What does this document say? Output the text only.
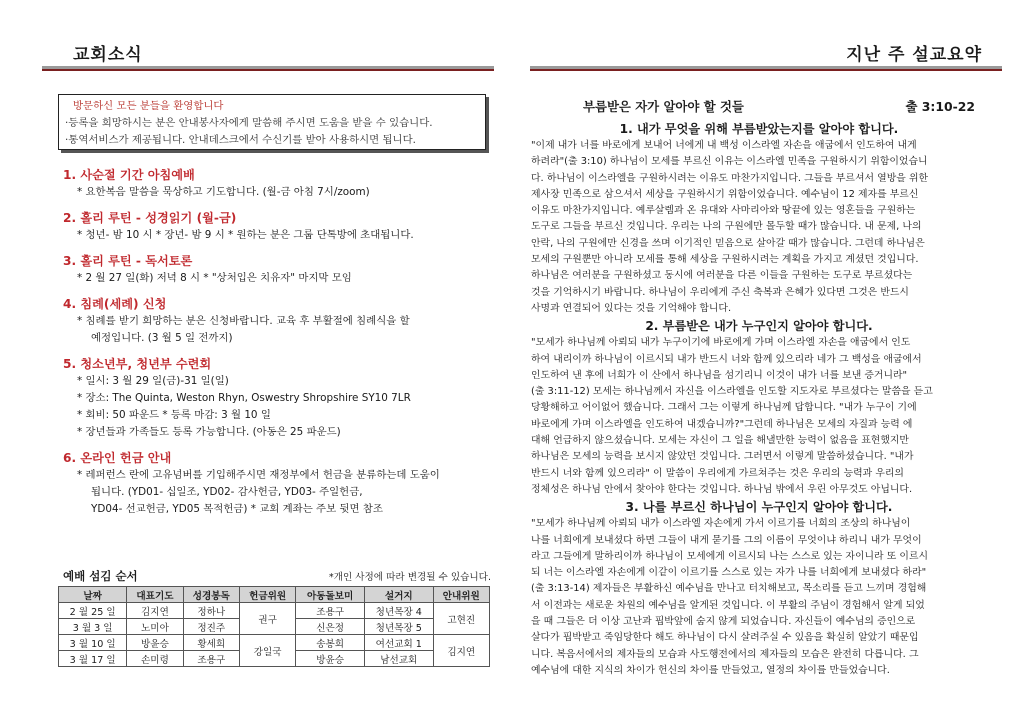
교회소식
방문하신 모든 분들을 환영합니다
·등록을 희망하시는 분은 안내봉사자에게 말씀해 주시면 도움을 받을 수 있습니다.
·통역서비스가 제공됩니다. 안내데스크에서 수신기를 받아 사용하시면 됩니다.
1. 사순절 기간 아침예배
* 요한복음 말씀을 묵상하고 기도합니다. (월-금 아침 7시/zoom)
2. 홀리 루틴 - 성경읽기 (월-금)
* 청년- 밤 10 시 * 장년- 밤 9 시 * 원하는 분은 그룹 단톡방에 초대됩니다.
3. 홀리 루틴 - 독서토론
* 2 월 27 일(화) 저녁 8 시 * "상처입은 치유자" 마지막 모임
4. 침례(세례) 신청
* 침례를 받기 희망하는 분은 신청바랍니다. 교육 후 부활절에 침례식을 할
예정입니다. (3 월 5 일 전까지)
5. 청소년부, 청년부 수련회
* 일시: 3 월 29 일(금)-31 일(일)
* 장소: The Quinta, Weston Rhyn, Oswestry Shropshire SY10 7LR
* 회비: 50 파운드 * 등록 마감: 3 월 10 일
* 장년들과 가족들도 등록 가능합니다. (아동은 25 파운드)
6. 온라인 헌금 안내
* 레퍼런스 란에 고유넘버를 기입해주시면 재정부에서 헌금을 분류하는데 도움이
됩니다. (YD01- 십일조, YD02- 감사헌금, YD03- 주일헌금,
YD04- 선교헌금, YD05 목적헌금) * 교회 계좌는 주보 뒷면 참조
예배 섬김 순서	*개인 사정에 따라 변경될 수 있습니다.
날짜	대표기도	성경봉독	헌금위원	아동돌보미	설거지	안내위원
2 월 25 일	김지연	정하나	권구	조용구	청년목장 4	고현진
3 월 3 일	노미아	정진주		신은정	청년목장 5	
3 월 10 일	방윤승	황세희	강일국	송봉희	여선교회 1	김지연
3 월 17 일	손미령	조용구		방윤승	남선교회	
지난 주 설교요약
부름받은 자가 알아야 할 것들	출 3:10-22
1. 내가 무엇을 위해 부름받았는지를 알아야 합니다.
"이제 내가 너를 바로에게 보내어 너에게 내 백성 이스라엘 자손을 애굽에서 인도하여 내게
하려라"(출 3:10) 하나님이 모세를 부르신 이유는 이스라엘 민족을 구원하시기 위함이었습니
다. 하나님이 이스라엘을 구원하시려는 이유도 마찬가지입니다. 그들을 부르셔서 열방을 위한
제사장 민족으로 삼으셔서 세상을 구원하시기 위함이었습니다. 예수님이 12 제자를 부르신
이유도 마찬가지입니다. 예루살렘과 온 유대와 사마리아와 땅끝에 있는 영혼들을 구원하는
도구로 그들을 부르신 것입니다. 우리는 나의 구원에만 몰두할 때가 많습니다. 내 문제, 나의
안락, 나의 구원에만 신경을 쓰며 이기적인 믿음으로 살아갈 때가 많습니다. 그런데 하나님은
모세의 구원뿐만 아니라 모세를 통해 세상을 구원하시려는 계획을 가지고 계셨던 것입니다.
하나님은 여러분을 구원하셨고 동시에 여러분을 다른 이들을 구원하는 도구로 부르셨다는
것을 기억하시기 바랍니다. 하나님이 우리에게 주신 축복과 은혜가 있다면 그것은 반드시
사명과 연결되어 있다는 것을 기억해야 합니다.
2. 부름받은 내가 누구인지 알아야 합니다.
"모세가 하나님께 아뢰되 내가 누구이기에 바로에게 가며 이스라엘 자손을 애굽에서 인도
하여 내리이까 하나님이 이르시되 내가 반드시 너와 함께 있으리라 네가 그 백성을 애굽에서
인도하여 낸 후에 너희가 이 산에서 하나님을 섬기리니 이것이 내가 너를 보낸 증거니라"
(출 3:11-12) 모세는 하나님께서 자신을 이스라엘을 인도할 지도자로 부르셨다는 말씀을 듣고
당황해하고 어이없어 했습니다. 그래서 그는 이렇게 하나님께 답합니다. "내가 누구이 기에
바로에게 가며 이스라엘을 인도하여 내겠습니까?"그런데 하나님은 모세의 자질과 능력 에
대해 언급하지 않으셨습니다. 모세는 자신이 그 일을 해낼만한 능력이 없음을 표현했지만
하나님은 모세의 능력을 보시지 않았던 것입니다. 그러면서 이렇게 말씀하셨습니다. "내가
반드시 너와 함께 있으리라" 이 말씀이 우리에게 가르쳐주는 것은 우리의 능력과 우리의
정체성은 하나님 안에서 찾아야 한다는 것입니다. 하나님 밖에서 우린 아무것도 아닙니다.
3. 나를 부르신 하나님이 누구인지 알아야 합니다.
"모세가 하나님께 아뢰되 내가 이스라엘 자손에게 가서 이르기를 너희의 조상의 하나님이
나를 너희에게 보내셨다 하면 그들이 내게 묻기를 그의 이름이 무엇이냐 하리니 내가 무엇이
라고 그들에게 말하리이까 하나님이 모세에게 이르시되 나는 스스로 있는 자이니라 또 이르시
되 너는 이스라엘 자손에게 이같이 이르기를 스스로 있는 자가 나를 너희에게 보내셨다 하라"
(출 3:13-14) 제자들은 부활하신 예수님을 만나고 터치해보고, 목소리를 듣고 느끼며 경험해
서 이전과는 새로운 차원의 예수님을 알게된 것입니다. 이 부활의 주님이 경험해서 알게 되었
을 때 그들은 더 이상 고난과 핍박앞에 숨지 않게 되었습니다. 자신들이 예수님의 증인으로
살다가 핍박받고 죽임당한다 해도 하나님이 다시 살려주실 수 있음을 확실히 알았기 때문입
니다. 복음서에서의 제자들의 모습과 사도행전에서의 제자들의 모습은 완전히 다릅니다. 그
예수님에 대한 지식의 차이가 헌신의 차이를 만들었고, 열정의 차이를 만들었습니다.
